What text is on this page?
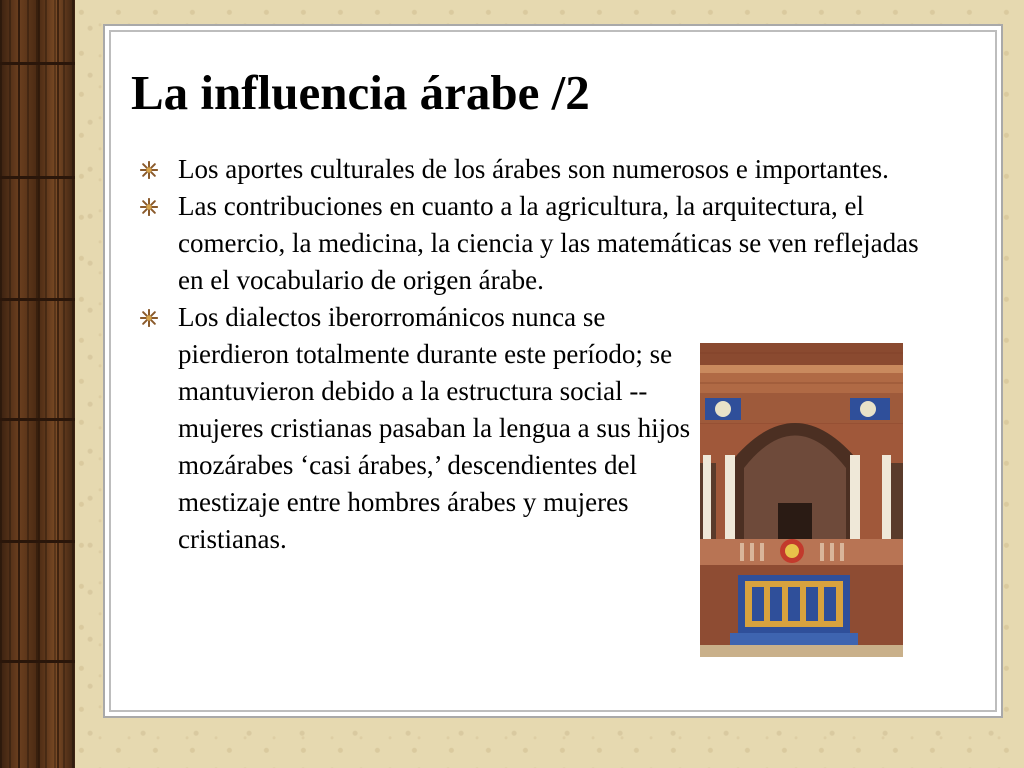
La influencia árabe /2
Los aportes culturales de los árabes son numerosos e importantes.
Las contribuciones en cuanto a la agricultura, la arquitectura, el comercio, la medicina, la ciencia y las matemáticas se ven reflejadas en el vocabulario de origen árabe.
Los dialectos iberorrománicos nunca se pierdieron totalmente durante este período; se mantuvieron debido a la estructura social -- mujeres cristianas pasaban la lengua a sus hijos mozárabes ‘casi árabes,’ descendientes del mestizaje entre hombres árabes y mujeres cristianas.
